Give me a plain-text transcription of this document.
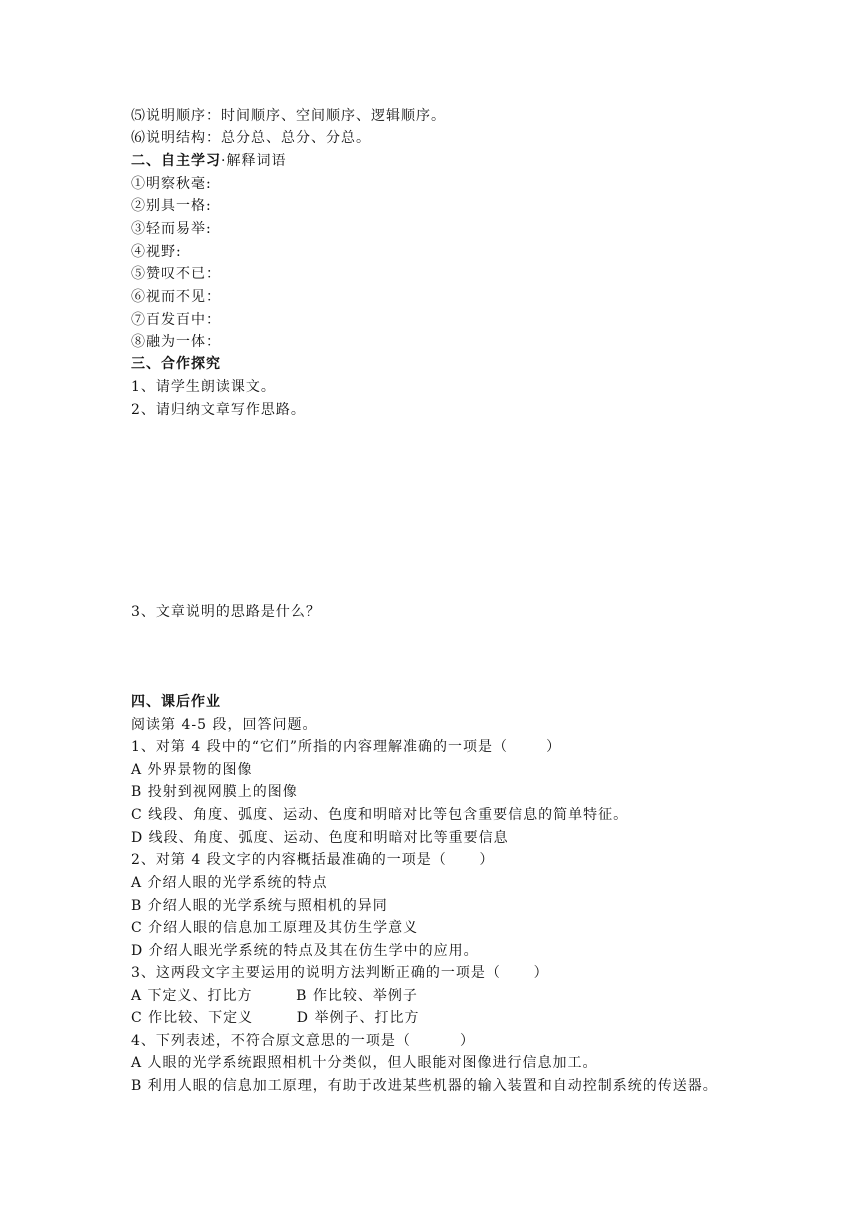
⑸说明顺序：时间顺序、空间顺序、逻辑顺序。
⑹说明结构：总分总、总分、分总。
二、自主学习·解释词语
①明察秋毫:
②别具一格:
③轻而易举:
④视野:
⑤赞叹不已：
⑥视而不见：
⑦百发百中：
⑧融为一体：
三、合作探究
1、请学生朗读课文。
2、请归纳文章写作思路。
3、文章说明的思路是什么？
四、课后作业
阅读第 4-5 段，回答问题。
1、对第 4 段中的“它们”所指的内容理解准确的一项是（       ）
A 外界景物的图像
B 投射到视网膜上的图像
C 线段、角度、弧度、运动、色度和明暗对比等包含重要信息的简单特征。
D 线段、角度、弧度、运动、色度和明暗对比等重要信息
2、对第 4 段文字的内容概括最准确的一项是（      ）
A 介绍人眼的光学系统的特点
B 介绍人眼的光学系统与照相机的异同
C 介绍人眼的信息加工原理及其仿生学意义
D 介绍人眼光学系统的特点及其在仿生学中的应用。
3、这两段文字主要运用的说明方法判断正确的一项是（      ）
A 下定义、打比方        B 作比较、举例子
C 作比较、下定义        D 举例子、打比方
4、下列表述，不符合原文意思的一项是（         ）
A 人眼的光学系统跟照相机十分类似，但人眼能对图像进行信息加工。
B 利用人眼的信息加工原理，有助于改进某些机器的输入装置和自动控制系统的传送器。
